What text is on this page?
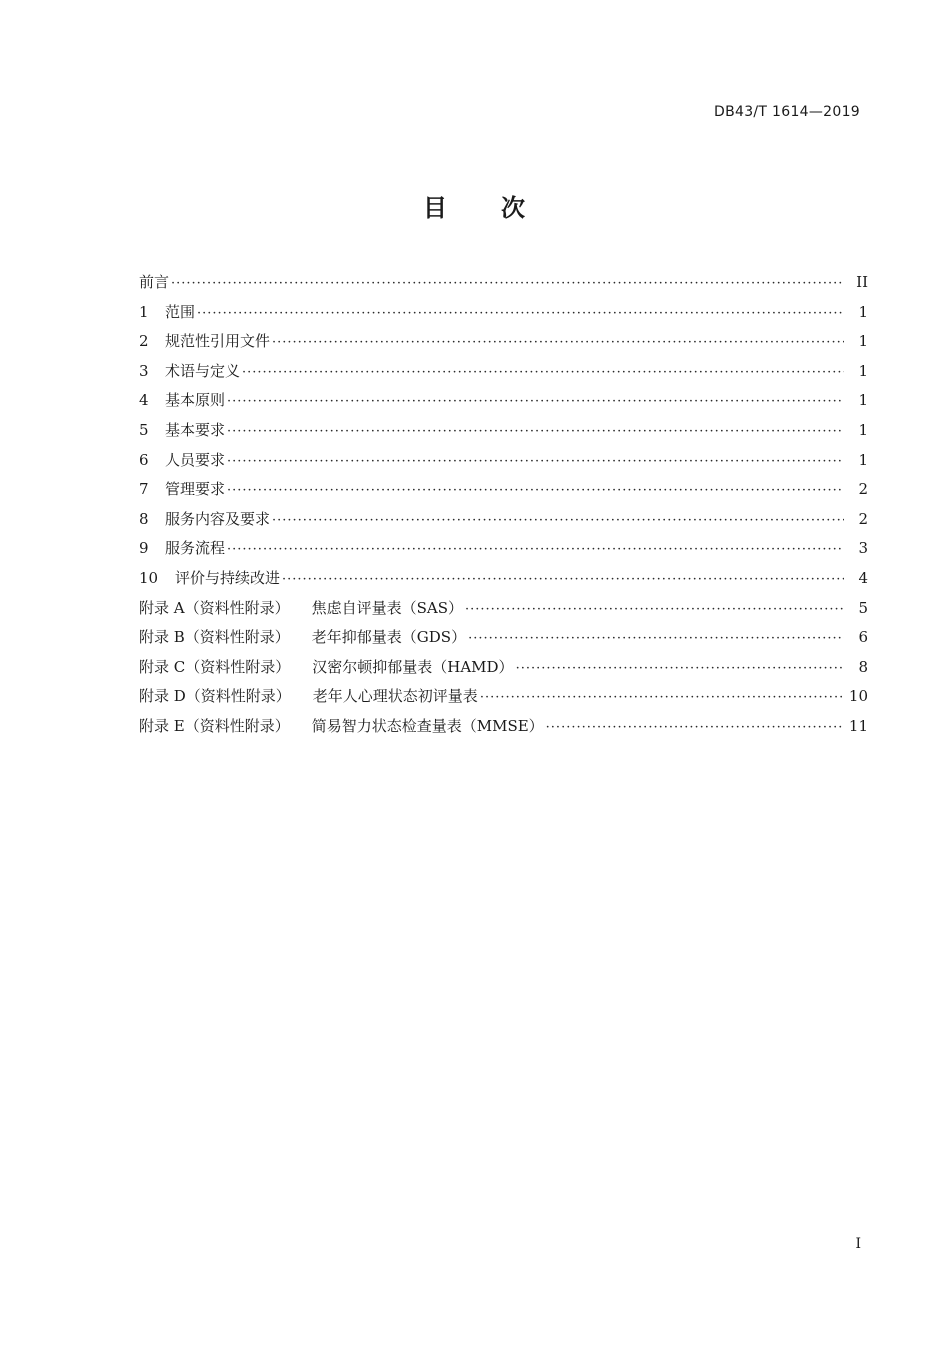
DB43/T 1614—2019
目 次
前言 ·····	II
1	范围 ·····	1
2	规范性引用文件 ·····	1
3	术语与定义 ·····	1
4	基本原则 ·····	1
5	基本要求 ·····	1
6	人员要求 ·····	1
7	管理要求 ·····	2
8	服务内容及要求 ·····	2
9	服务流程 ·····	3
10	评价与持续改进 ·····	4
附录 A（资料性附录） 焦虑自评量表（SAS） ·····	5
附录 B（资料性附录） 老年抑郁量表（GDS） ·····	6
附录 C（资料性附录） 汉密尔顿抑郁量表（HAMD） ·····	8
附录 D（资料性附录） 老年人心理状态初评量表 ·····	10
附录 E（资料性附录） 简易智力状态检查量表（MMSE） ·····	11
I
